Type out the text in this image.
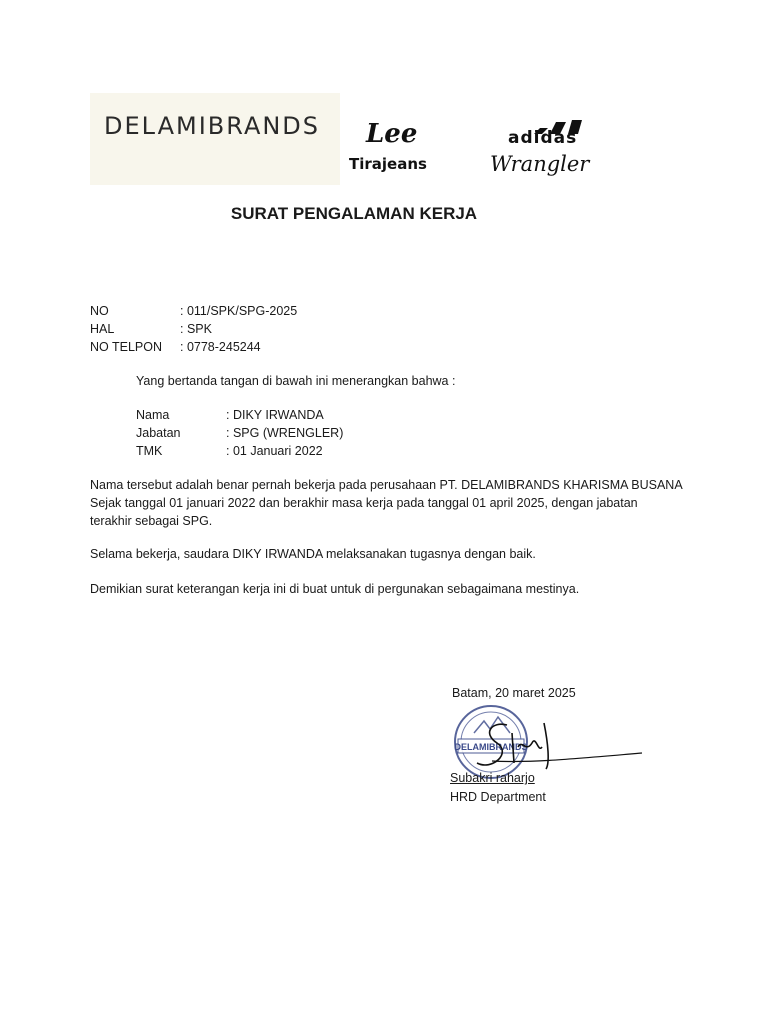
DELAMIBRANDS Lee	adidas
Tirajeans	Wrangler
SURAT PENGALAMAN KERJA
NO	: 011/SPK/SPG-2025
HAL	: SPK
NO TELPON : 0778-245244
Yang bertanda tangan di bawah ini menerangkan bahwa :
Nama	: DIKY IRWANDA
Jabatan	: SPG (WRENGLER)
TMK	: 01 Januari 2022
Nama tersebut adalah benar pernah bekerja pada perusahaan PT. DELAMIBRANDS KHARISMA BUSANA
Sejak tanggal 01 januari 2022 dan berakhir masa kerja pada tanggal 01 april 2025, dengan jabatan
terakhir sebagai SPG.
Selama bekerja, saudara DIKY IRWANDA melaksanakan tugasnya dengan baik.
Demikian surat keterangan kerja ini di buat untuk di pergunakan sebagaimana mestinya.
Batam, 20 maret 2025
DELAMIBRANDS
Subakri raharjo
HRD Department
